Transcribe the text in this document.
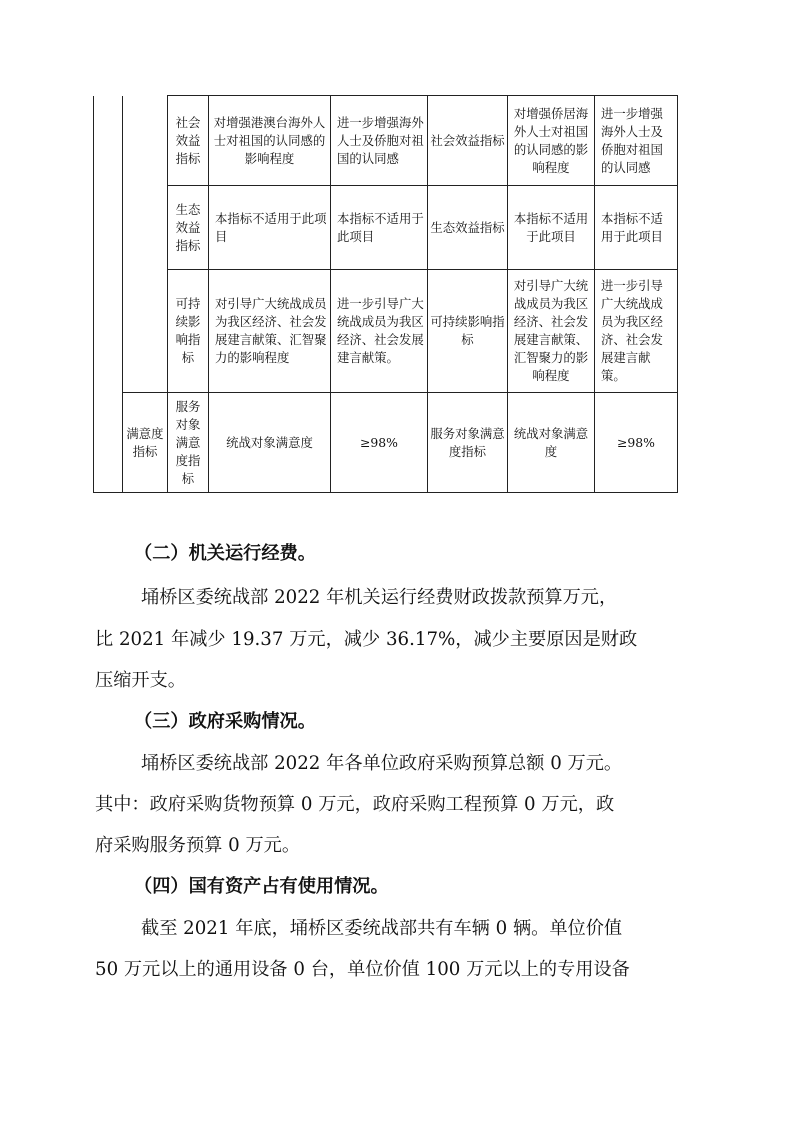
		社会效益指标	对增强港澳台海外人士对祖国的认同感的影响程度	进一步增强海外人士及侨胞对祖国的认同感	社会效益指标	对增强侨居海外人士对祖国的认同感的影响程度	进一步增强海外人士及侨胞对祖国的认同感
		生态效益指标	本指标不适用于此项目	本指标不适用于此项目	生态效益指标	本指标不适用于此项目	本指标不适用于此项目
		可持续影响指标	对引导广大统战成员为我区经济、社会发展建言献策、汇智聚力的影响程度	进一步引导广大统战成员为我区经济、社会发展建言献策。	可持续影响指标	对引导广大统战成员为我区经济、社会发展建言献策、汇智聚力的影响程度	进一步引导广大统战成员为我区经济、社会发展建言献策。
	满意度指标	服务对象满意度指标	统战对象满意度	≥98%	服务对象满意度指标	统战对象满意度	≥98%
（二）机关运行经费。
埇桥区委统战部 2022 年机关运行经费财政拨款预算万元，
比 2021 年减少 19.37 万元，减少 36.17%，减少主要原因是财政
压缩开支。
（三）政府采购情况。
埇桥区委统战部 2022 年各单位政府采购预算总额 0 万元。
其中：政府采购货物预算 0 万元，政府采购工程预算 0 万元，政
府采购服务预算 0 万元。
（四）国有资产占有使用情况。
截至 2021 年底，埇桥区委统战部共有车辆 0 辆。单位价值
50 万元以上的通用设备 0 台，单位价值 100 万元以上的专用设备
